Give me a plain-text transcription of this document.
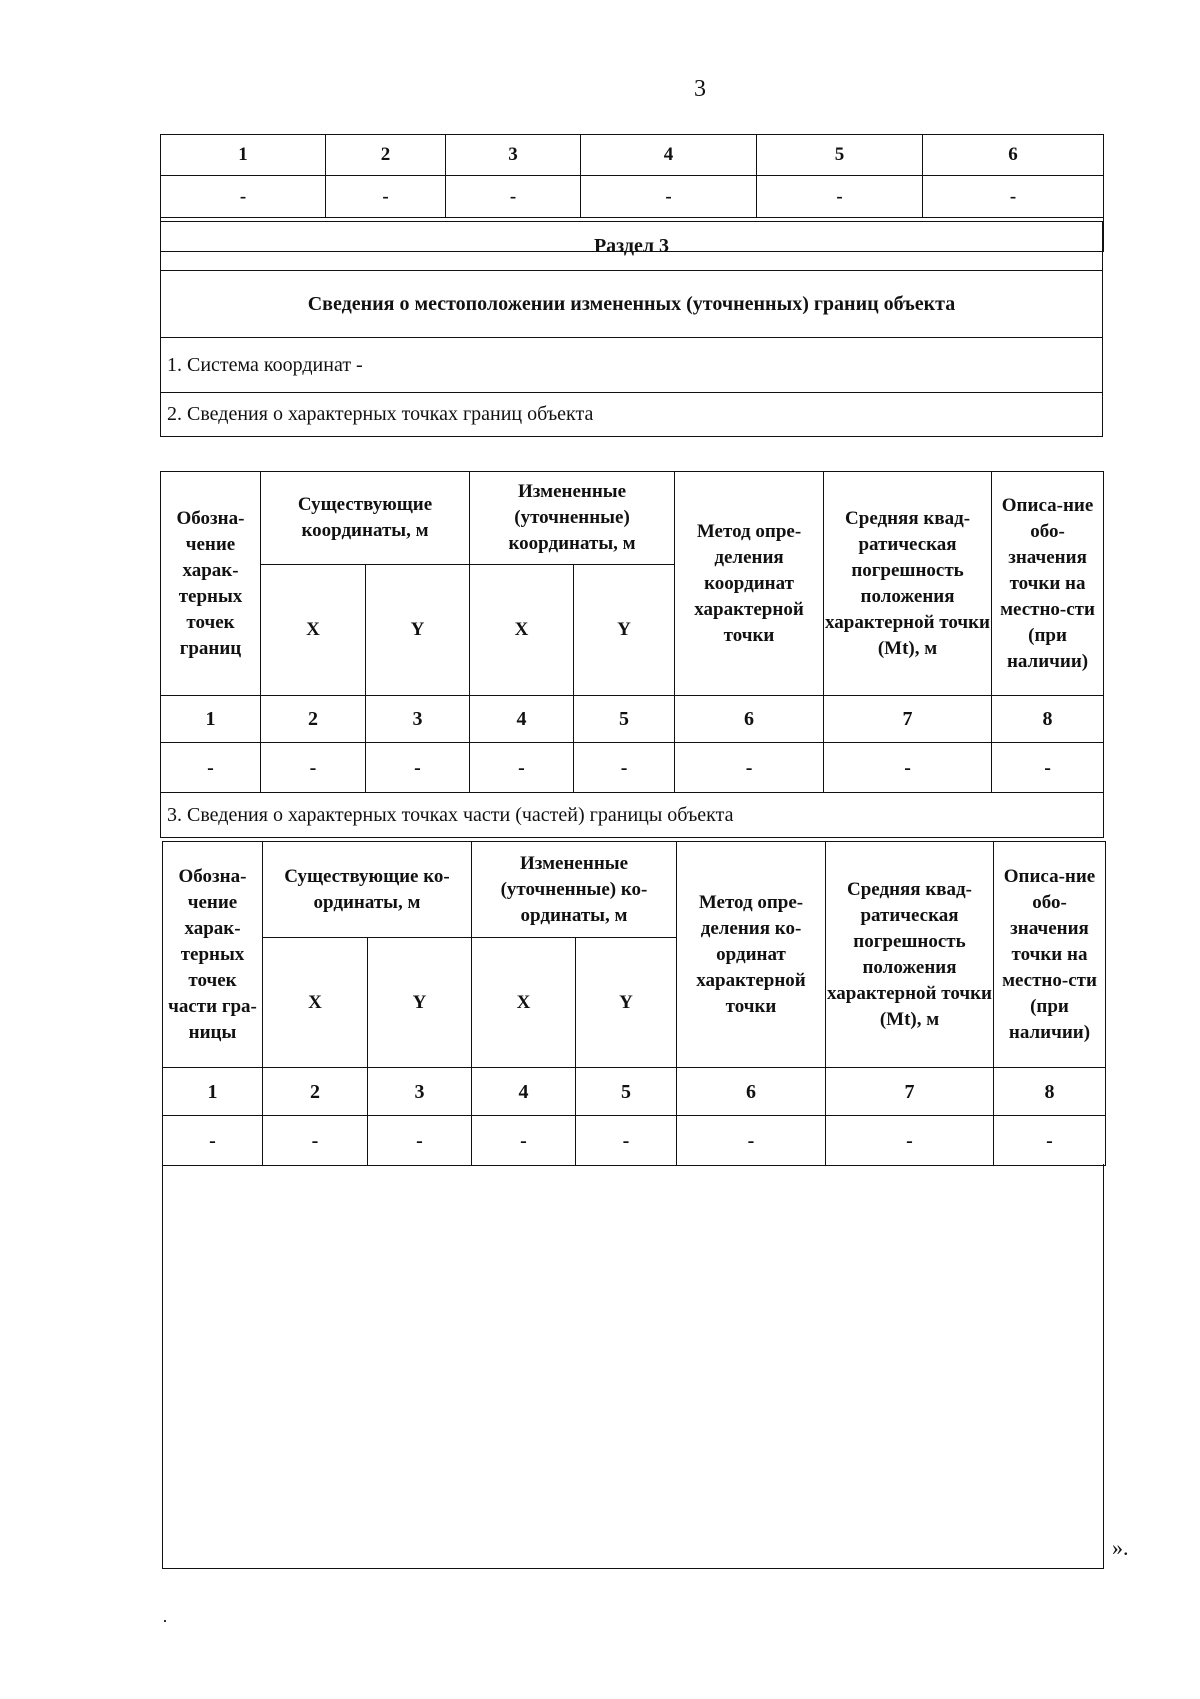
3
1	2	3	4	5	6
-	-	-	-	-	-

Раздел 3
Сведения о местоположении измененных (уточненных) границ объекта
1. Система координат -
2. Сведения о характерных точках границ объекта
Обозна-чение харак-терных точек границ	Существующие координаты, м		Измененные (уточненные) координаты, м		Метод опре-деления координат характерной точки	Средняя квад-ратическая погрешность положения характерной точки (Mt), м	Описа-ние обо-значения точки на местно-сти (при наличии)
	X	Y	X	Y			
1	2	3	4	5	6	7	8
-	-	-	-	-	-	-	-
3. Сведения о характерных точках части (частей) границы объекта							
Обозна-чение харак-терных точек части гра-ницы	Существующие ко-ординаты, м		Измененные (уточненные) ко-ординаты, м		Метод опре-деления ко-ординат характерной точки	Средняя квад-ратическая погрешность положения характерной точки (Mt), м	Описа-ние обо-значения точки на местно-сти (при наличии)
	X	Y	X	Y			
1	2	3	4	5	6	7	8
-	-	-	-	-	-	-	-
».
